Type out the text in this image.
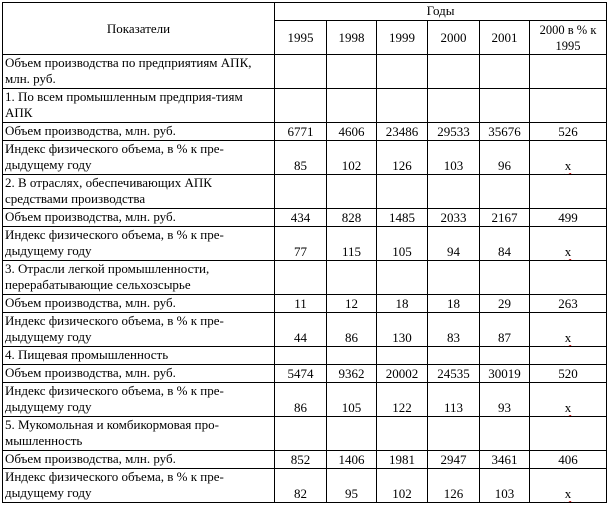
Показатели	Годы					
	1995	1998	1999	2000	2001	2000 в % к 1995
Объем производства по предприятиям АПК, млн. руб.						
1. По всем промышленным предприя-тиям АПК						
Объем производства, млн. руб.	6771	4606	23486	29533	35676	526
Индекс физического объема, в % к пре-дыдущему году	85	102	126	103	96	х
2. В отраслях, обеспечивающих АПК средствами производства						
Объем производства, млн. руб.	434	828	1485	2033	2167	499
Индекс физического объема, в % к пре-дыдущему году	77	115	105	94	84	х
3. Отрасли легкой промышленности, перерабатывающие сельхозсырье						
Объем производства, млн. руб.	11	12	18	18	29	263
Индекс физического объема, в % к пре-дыдущему году	44	86	130	83	87	х
4. Пищевая промышленность						
Объем производства, млн. руб.	5474	9362	20002	24535	30019	520
Индекс физического объема, в % к пре-дыдущему году	86	105	122	113	93	х
5. Мукомольная и комбикормовая про-мышленность						
Объем производства, млн. руб.	852	1406	1981	2947	3461	406
Индекс физического объема, в % к пре-дыдущему году	82	95	102	126	103	х
